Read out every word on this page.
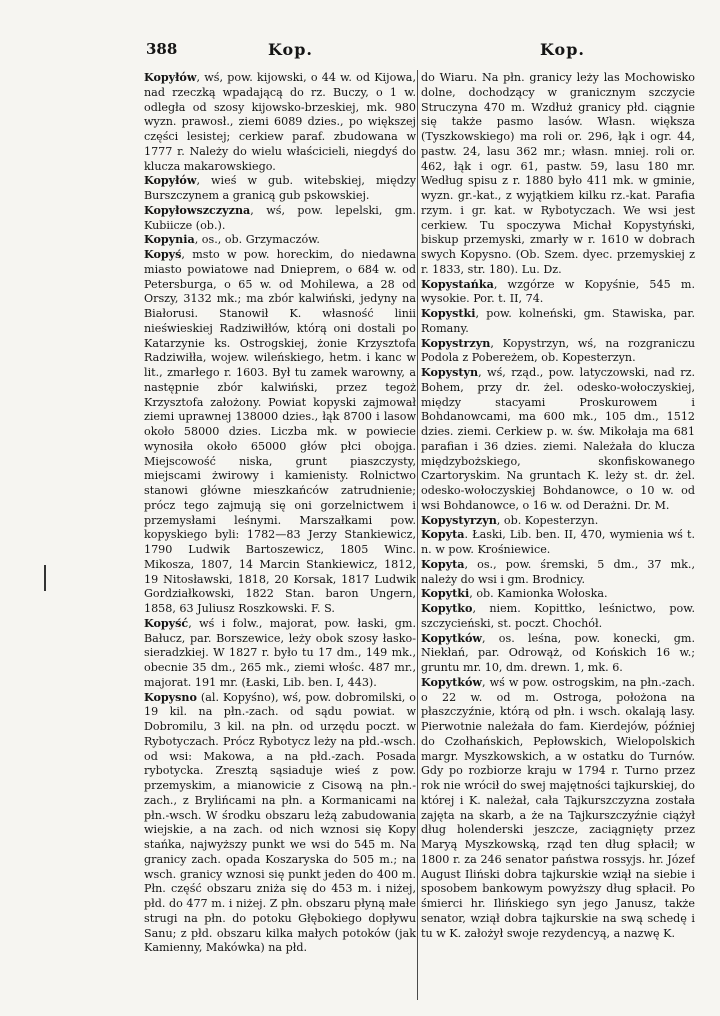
388	Kop.	Kop.

Kopyłów, wś, pow. kijowski, o 44 w. od Kijowa, nad rzeczką wpadającą do rz. Buczy, o 1 w. odległa od szosy kijowsko-brzeskiej, mk. 980 wyzn. prawosł., ziemi 6089 dzies., po większej części lesistej; cerkiew paraf. zbudowana w 1777 r. Należy do wielu właścicieli, niegdyś do klucza makarowskiego.

Kopyłów, wieś w gub. witebskiej, między Burszczynem a granicą gub pskowskiej.

Kopyłowszczyzna, wś, pow. lepelski, gm. Kubiicze (ob.).

Kopynia, os., ob. Grzymaczów.

Kopyś, msto w pow. horeckim, do niedawna miasto powiatowe nad Dnieprem, o 684 w. od Petersburga, o 65 w. od Mohilewa, a 28 od Orszy, 3132 mk.; ma zbór kalwiński, jedyny na Białorusi. Stanowił K. własność linii nieświeskiej Radziwiłłów, którą oni dostali po Katarzynie ks. Ostrogskiej, żonie Krzysztofa Radziwiłła, wojew. wileńskiego, hetm. i kanc w lit., zmarłego r. 1603. Był tu zamek warowny, a następnie zbór kalwiński, przez tegoż Krzysztofa założony. Powiat kopyski zajmował ziemi uprawnej 138000 dzies., łąk 8700 i lasow około 58000 dzies. Liczba mk. w powiecie wynosiła około 65000 głów płci obojga. Miejscowość niska, grunt piaszczysty, miejscami żwirowy i kamienisty. Rolnictwo stanowi główne mieszkańców zatrudnienie; prócz tego zajmują się oni gorzelnictwem i przemysłami leśnymi. Marszałkami pow. kopyskiego byli: 1782—83 Jerzy Stankiewicz, 1790 Ludwik Bartoszewicz, 1805 Winc. Mikosza, 1807, 14 Marcin Stankiewicz, 1812, 19 Nitosławski, 1818, 20 Korsak, 1817 Ludwik Gordziałkowski, 1822 Stan. baron Ungern, 1858, 63 Juliusz Roszkowski. F. S.

Kopyść, wś i folw., majorat, pow. łaski, gm. Bałucz, par. Borszewice, leży obok szosy łasko-sieradzkiej. W 1827 r. było tu 17 dm., 149 mk., obecnie 35 dm., 265 mk., ziemi włośc. 487 mr., majorat. 191 mr. (Łaski, Lib. ben. I, 443).

Kopysno (al. Kopyśno), wś, pow. dobromilski, o 19 kil. na płn.-zach. od sądu powiat. w Dobromilu, 3 kil. na płn. od urzędu poczt. w Rybotyczach. Prócz Rybotycz leży na płd.-wsch. od wsi: Makowa, a na płd.-zach. Posada rybotycka. Zresztą sąsiaduje wieś z pow. przemyskim, a mianowicie z Cisową na płn.-zach., z Brylińcami na płn. a Kormanicami na płn.-wsch. W środku obszaru leżą zabudowania wiejskie, a na zach. od nich wznosi się Kopy stańka, najwyższy punkt we wsi do 545 m. Na granicy zach. opada Koszaryska do 505 m.; na wsch. granicy wznosi się punkt jeden do 400 m. Płn. część obszaru zniża się do 453 m. i niżej, płd. do 477 m. i niżej. Z płn. obszaru płyną małe strugi na płn. do potoku Głębokiego dopływu Sanu; z płd. obszaru kilka małych potoków (jak Kamienny, Makówka) na płd.

do Wiaru. Na płn. granicy leży las Mochowisko dolne, dochodzący w granicznym szczycie Struczyna 470 m. Wzdłuż granicy płd. ciągnie się także pasmo lasów. Własn. większa (Tyszkowskiego) ma roli or. 296, łąk i ogr. 44, pastw. 24, lasu 362 mr.; własn. mniej. roli or. 462, łąk i ogr. 61, pastw. 59, lasu 180 mr. Według spisu z r. 1880 było 411 mk. w gminie, wyzn. gr.-kat., z wyjątkiem kilku rz.-kat. Parafia rzym. i gr. kat. w Rybotyczach. We wsi jest cerkiew. Tu spoczywa Michał Kopystyński, biskup przemyski, zmarły w r. 1610 w dobrach swych Kopysno. (Ob. Szem. dyec. przemyskiej z r. 1833, str. 180). Lu. Dz.

Kopystańka, wzgórze w Kopyśnie, 545 m. wysokie. Por. t. II, 74.

Kopystki, pow. kolneński, gm. Stawiska, par. Romany.

Kopystrzyn, Kopystrzyn, wś, na rozgraniczu Podola z Pobereżem, ob. Kopesterzyn.

Kopystyn, wś, rząd., pow. latyczowski, nad rz. Bohem, przy dr. żel. odesko-wołoczyskiej, między stacyami Proskurowem i Bohdanowcami, ma 600 mk., 105 dm., 1512 dzies. ziemi. Cerkiew p. w. św. Mikołaja ma 681 parafian i 36 dzies. ziemi. Należała do klucza międzybożskiego, skonfiskowanego Czartoryskim. Na gruntach K. leży st. dr. żel. odesko-wołoczyskiej Bohdanowce, o 10 w. od wsi Bohdanowce, o 16 w. od Derażni. Dr. M.

Kopystyrzyn, ob. Kopesterzyn.

Kopyta. Łaski, Lib. ben. II, 470, wymienia wś t. n. w pow. Krośniewice.

Kopyta, os., pow. śremski, 5 dm., 37 mk., należy do wsi i gm. Brodnicy.

Kopytki, ob. Kamionka Wołoska.

Kopytko, niem. Kopittko, leśnictwo, pow. szczycieński, st. poczt. Chochół.

Kopytków, os. leśna, pow. konecki, gm. Niekłań, par. Odrowąż, od Końskich 16 w.; gruntu mr. 10, dm. drewn. 1, mk. 6.

Kopytków, wś w pow. ostrogskim, na płn.-zach. o 22 w. od m. Ostroga, położona na płaszczyźnie, którą od płn. i wsch. okalają lasy. Pierwotnie należała do fam. Kierdejów, później do Czołhańskich, Pepłowskich, Wielopolskich margr. Myszkowskich, a w ostatku do Turnów. Gdy po rozbiorze kraju w 1794 r. Turno przez rok nie wrócił do swej majętności tajkurskiej, do której i K. należał, cała Tajkurszczyzna została zajęta na skarb, a że na Tajkurszczyźnie ciążył dług holenderski jeszcze, zaciągnięty przez Maryą Myszkowską, rząd ten dług spłacił; w 1800 r. za 246 senator państwa rossyjs. hr. Józef August Iliński dobra tajkurskie wziął na siebie i sposobem bankowym powyższy dług spłacił. Po śmierci hr. Ilińskiego syn jego Janusz, także senator, wziął dobra tajkurskie na swą schedę i tu w K. założył swoje rezydencyą, a nazwę K.
